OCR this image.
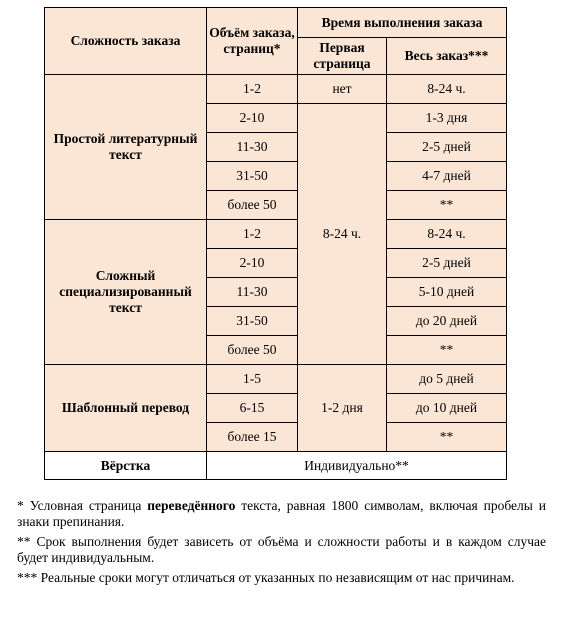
Сложность заказа	Объём заказа, страниц*	Время выполнения заказа	
		Первая страница	Весь заказ***
Простой литературный текст	1-2	нет	8-24 ч.
	2-10	8-24 ч.	1-3 дня
	11-30		2-5 дней
	31-50		4-7 дней
	более 50		**
Сложный специализированный текст	1-2		8-24 ч.
	2-10		2-5 дней
	11-30		5-10 дней
	31-50		до 20 дней
	более 50		**
Шаблонный перевод	1-5	1-2 дня	до 5 дней
	6-15		до 10 дней
	более 15		**
Вёрстка	Индивидуально**		

* Условная страница переведённого текста, равная 1800 символам, включая пробелы и знаки препинания.

** Срок выполнения будет зависеть от объёма и сложности работы и в каждом случае будет индивидуальным.

*** Реальные сроки могут отличаться от указанных по независящим от нас причинам.
